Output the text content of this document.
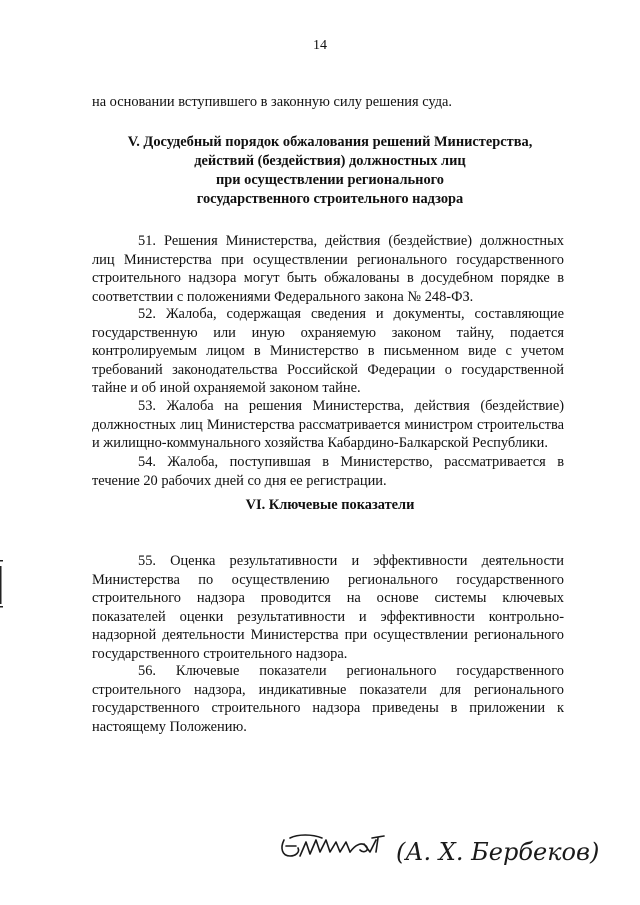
14
на основании вступившего в законную силу решения суда.
V. Досудебный порядок обжалования решений Министерства,
действий (бездействия) должностных лиц
при осуществлении регионального
государственного строительного надзора

51. Решения Министерства, действия (бездействие) должностных лиц Министерства при осуществлении регионального государственного строительного надзора могут быть обжалованы в досудебном порядке в соответствии с положениями Федерального закона № 248-ФЗ.

52. Жалоба, содержащая сведения и документы, составляющие государственную или иную охраняемую законом тайну, подается контролируемым лицом в Министерство в письменном виде с учетом требований законодательства Российской Федерации о государственной тайне и об иной охраняемой законом тайне.

53. Жалоба на решения Министерства, действия (бездействие) должностных лиц Министерства рассматривается министром строительства и жилищно-коммунального хозяйства Кабардино-Балкарской Республики.

54. Жалоба, поступившая в Министерство, рассматривается в течение 20 рабочих дней со дня ее регистрации.

VI. Ключевые показатели

55. Оценка результативности и эффективности деятельности Министерства по осуществлению регионального государственного строительного надзора проводится на основе системы ключевых показателей оценки результативности и эффективности контрольно-надзорной деятельности Министерства при осуществлении регионального государственного строительного надзора.

56. Ключевые показатели регионального государственного строительного надзора, индикативные показатели для регионального государственного строительного надзора приведены в приложении к настоящему Положению.

(А. Х. Бербеков)
